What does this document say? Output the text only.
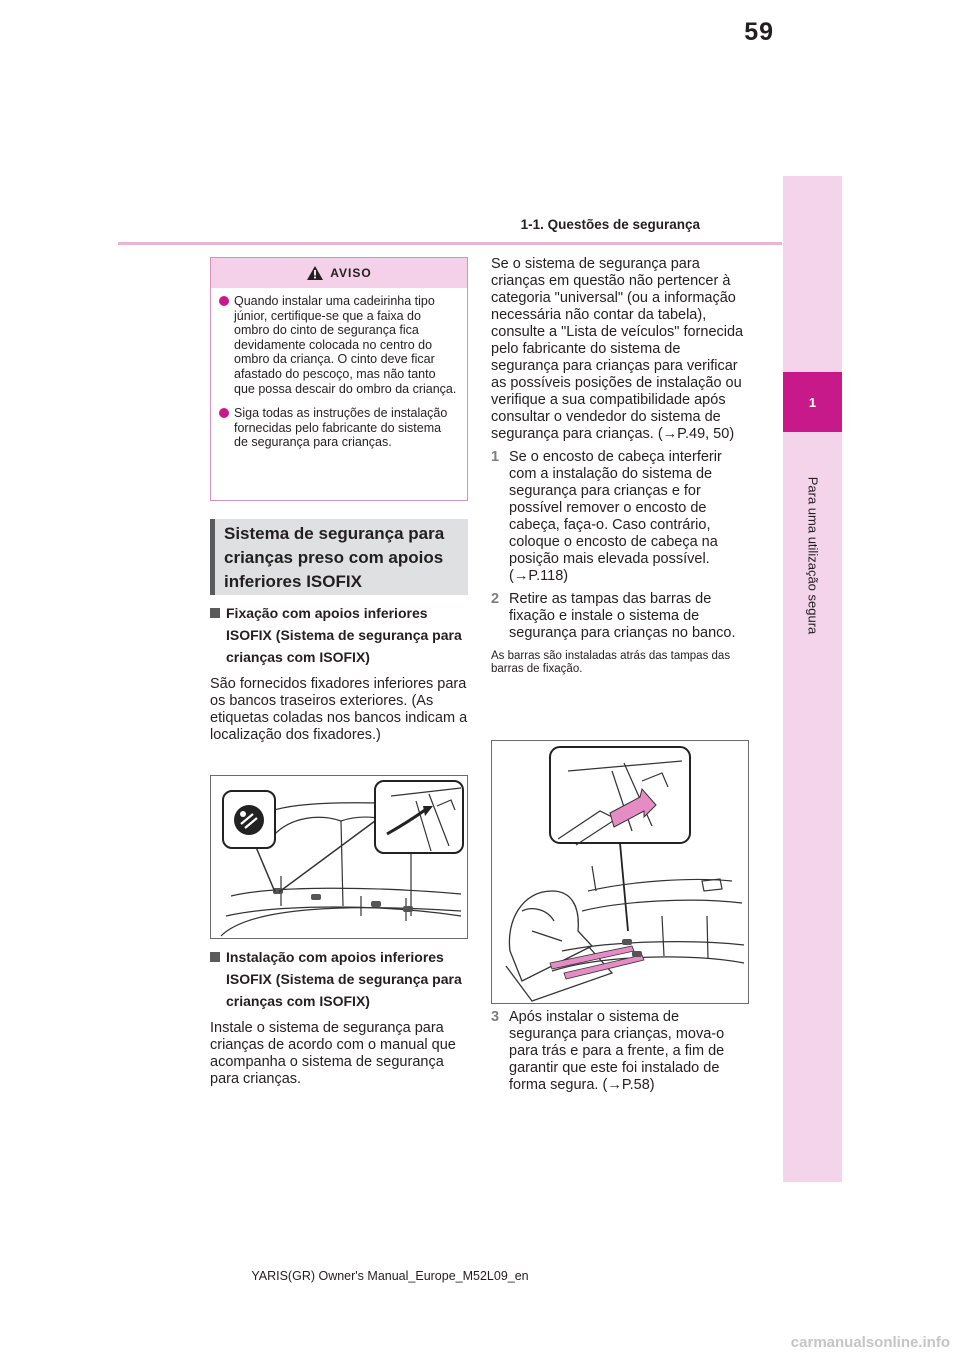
59
1-1. Questões de segurança
1
Para uma utilização segura
AVISO
Quando instalar uma cadeirinha tipo júnior, certifique-se que a faixa do ombro do cinto de segurança fica devidamente colocada no centro do ombro da criança. O cinto deve ficar afastado do pescoço, mas não tanto que possa descair do ombro da criança.
Siga todas as instruções de instalação fornecidas pelo fabricante do sistema de segurança para crianças.
Sistema de segurança para crianças preso com apoios inferiores ISOFIX
Fixação com apoios inferiores ISOFIX (Sistema de segurança para crianças com ISOFIX)
São fornecidos fixadores inferiores para os bancos traseiros exteriores. (As etiquetas coladas nos bancos indicam a localização dos fixadores.)
Instalação com apoios inferiores ISOFIX (Sistema de segurança para crianças com ISOFIX)
Instale o sistema de segurança para crianças de acordo com o manual que acompanha o sistema de segurança para crianças.
Se o sistema de segurança para crianças em questão não pertencer à categoria "universal" (ou a informação necessária não contar da tabela), consulte a "Lista de veículos" fornecida pelo fabricante do sistema de segurança para crianças para verificar as possíveis posições de instalação ou verifique a sua compatibilidade após consultar o vendedor do sistema de segurança para crianças. (→P.49, 50)
1 Se o encosto de cabeça interferir com a instalação do sistema de segurança para crianças e for possível remover o encosto de cabeça, faça-o. Caso contrário, coloque o encosto de cabeça na posição mais elevada possível. (→P.118)
2 Retire as tampas das barras de fixação e instale o sistema de segurança para crianças no banco.
As barras são instaladas atrás das tampas das barras de fixação.
3 Após instalar o sistema de segurança para crianças, mova-o para trás e para a frente, a fim de garantir que este foi instalado de forma segura. (→P.58)
YARIS(GR) Owner's Manual_Europe_M52L09_en
carmanualsonline.info
